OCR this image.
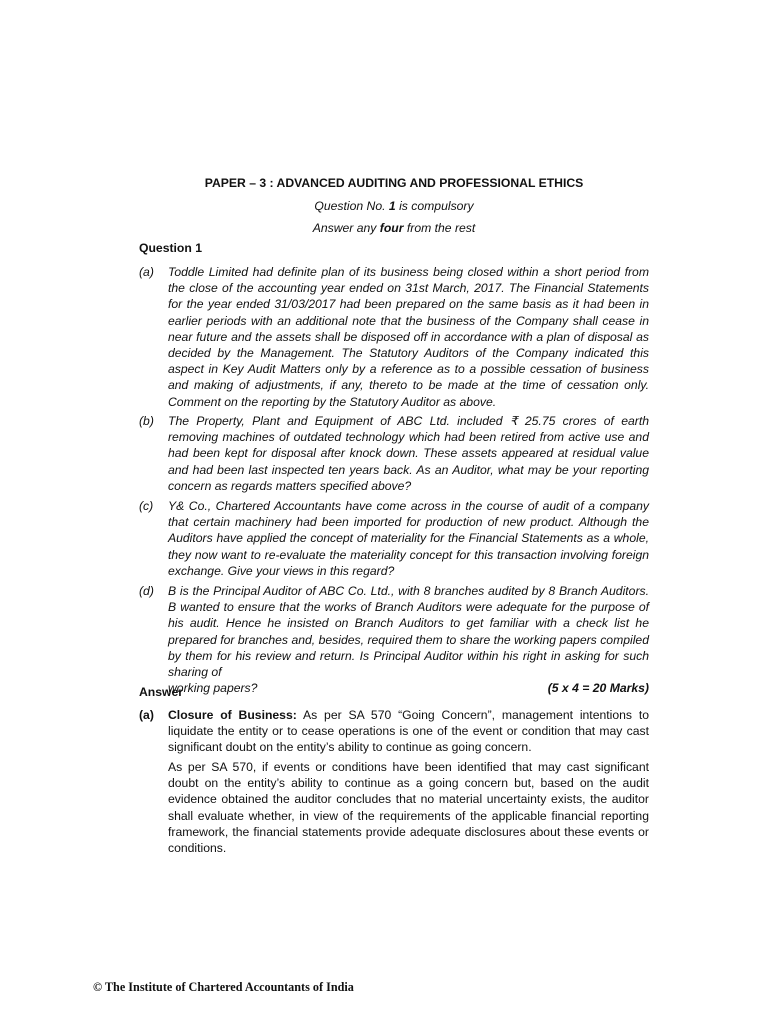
PAPER – 3 : ADVANCED AUDITING AND PROFESSIONAL ETHICS
Question No. 1 is compulsory
Answer any four from the rest
Question 1
(a) Toddle Limited had definite plan of its business being closed within a short period from the close of the accounting year ended on 31st March, 2017. The Financial Statements for the year ended 31/03/2017 had been prepared on the same basis as it had been in earlier periods with an additional note that the business of the Company shall cease in near future and the assets shall be disposed off in accordance with a plan of disposal as decided by the Management. The Statutory Auditors of the Company indicated this aspect in Key Audit Matters only by a reference as to a possible cessation of business and making of adjustments, if any, thereto to be made at the time of cessation only. Comment on the reporting by the Statutory Auditor as above.
(b) The Property, Plant and Equipment of ABC Ltd. included ₹ 25.75 crores of earth removing machines of outdated technology which had been retired from active use and had been kept for disposal after knock down. These assets appeared at residual value and had been last inspected ten years back. As an Auditor, what may be your reporting concern as regards matters specified above?
(c) Y& Co., Chartered Accountants have come across in the course of audit of a company that certain machinery had been imported for production of new product. Although the Auditors have applied the concept of materiality for the Financial Statements as a whole, they now want to re-evaluate the materiality concept for this transaction involving foreign exchange. Give your views in this regard?
(d) B is the Principal Auditor of ABC Co. Ltd., with 8 branches audited by 8 Branch Auditors. B wanted to ensure that the works of Branch Auditors were adequate for the purpose of his audit. Hence he insisted on Branch Auditors to get familiar with a check list he prepared for branches and, besides, required them to share the working papers compiled by them for his review and return. Is Principal Auditor within his right in asking for such sharing of
working papers?	(5 x 4 = 20 Marks)
Answer
(a) Closure of Business: As per SA 570 “Going Concern”, management intentions to liquidate the entity or to cease operations is one of the event or condition that may cast significant doubt on the entity’s ability to continue as going concern.
As per SA 570, if events or conditions have been identified that may cast significant doubt on the entity’s ability to continue as a going concern but, based on the audit evidence obtained the auditor concludes that no material uncertainty exists, the auditor shall evaluate whether, in view of the requirements of the applicable financial reporting framework, the financial statements provide adequate disclosures about these events or conditions.
© The Institute of Chartered Accountants of India
